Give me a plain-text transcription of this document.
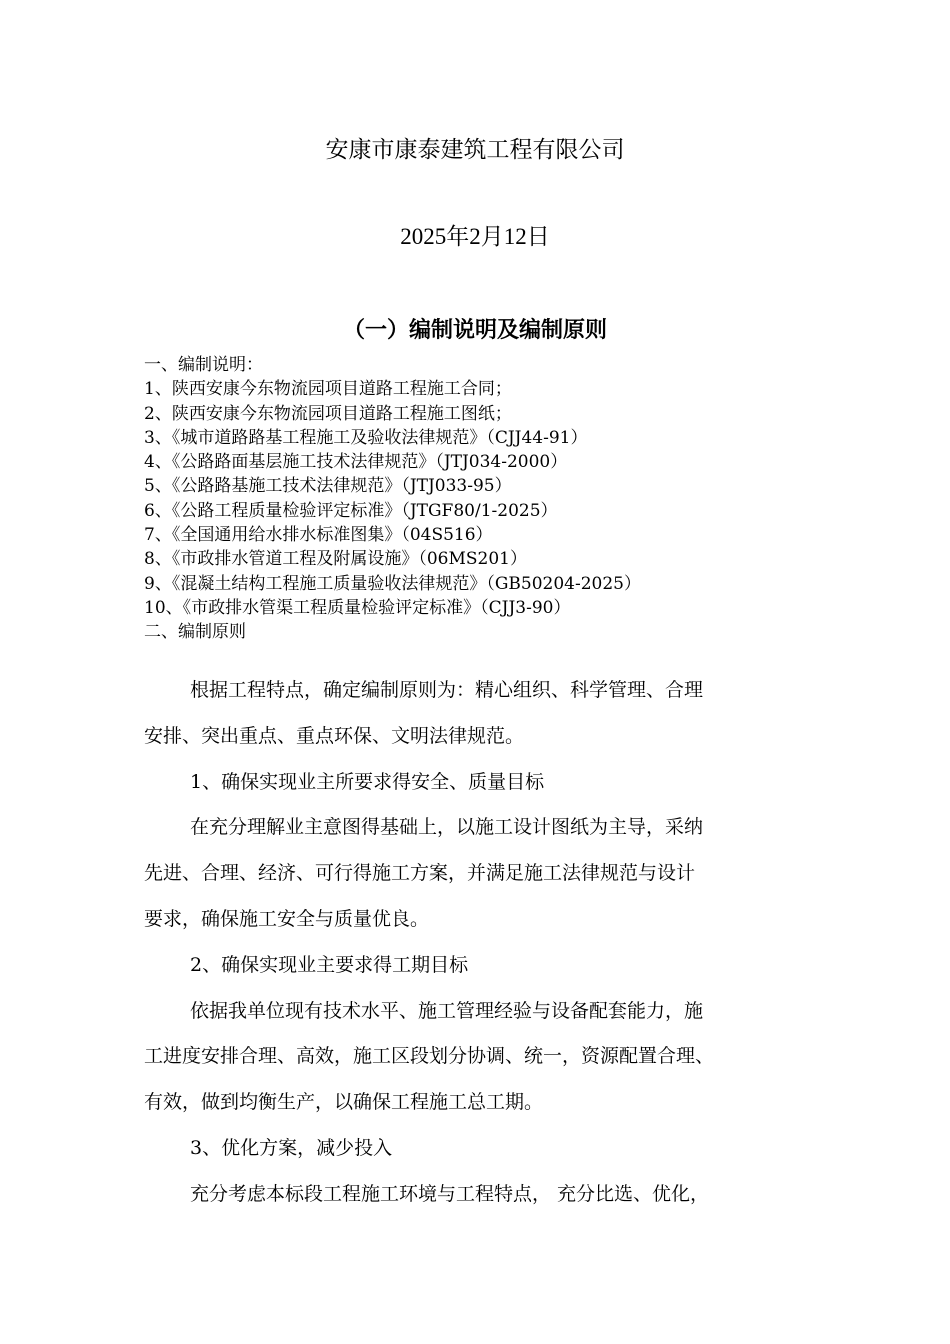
安康市康泰建筑工程有限公司
2025年2月12日
（一）编制说明及编制原则
一、编制说明：
1、陕西安康今东物流园项目道路工程施工合同；
2、陕西安康今东物流园项目道路工程施工图纸；
3、《城市道路路基工程施工及验收法律规范》（CJJ44-91）
4、《公路路面基层施工技术法律规范》（JTJ034-2000）
5、《公路路基施工技术法律规范》（JTJ033-95）
6、《公路工程质量检验评定标准》（JTGF80/1-2025）
7、《全国通用给水排水标准图集》（04S516）
8、《市政排水管道工程及附属设施》（06MS201）
9、《混凝土结构工程施工质量验收法律规范》（GB50204-2025）
10、《市政排水管渠工程质量检验评定标准》（CJJ3-90）
二、编制原则
根据工程特点，确定编制原则为：精心组织、科学管理、合理
安排、突出重点、重点环保、文明法律规范。
1、确保实现业主所要求得安全、质量目标
在充分理解业主意图得基础上，以施工设计图纸为主导，采纳
先进、合理、经济、可行得施工方案，并满足施工法律规范与设计
要求，确保施工安全与质量优良。
2、确保实现业主要求得工期目标
依据我单位现有技术水平、施工管理经验与设备配套能力，施
工进度安排合理、高效，施工区段划分协调、统一，资源配置合理、
有效，做到均衡生产，以确保工程施工总工期。
3、优化方案，减少投入
充分考虑本标段工程施工环境与工程特点， 充分比选、优化，
